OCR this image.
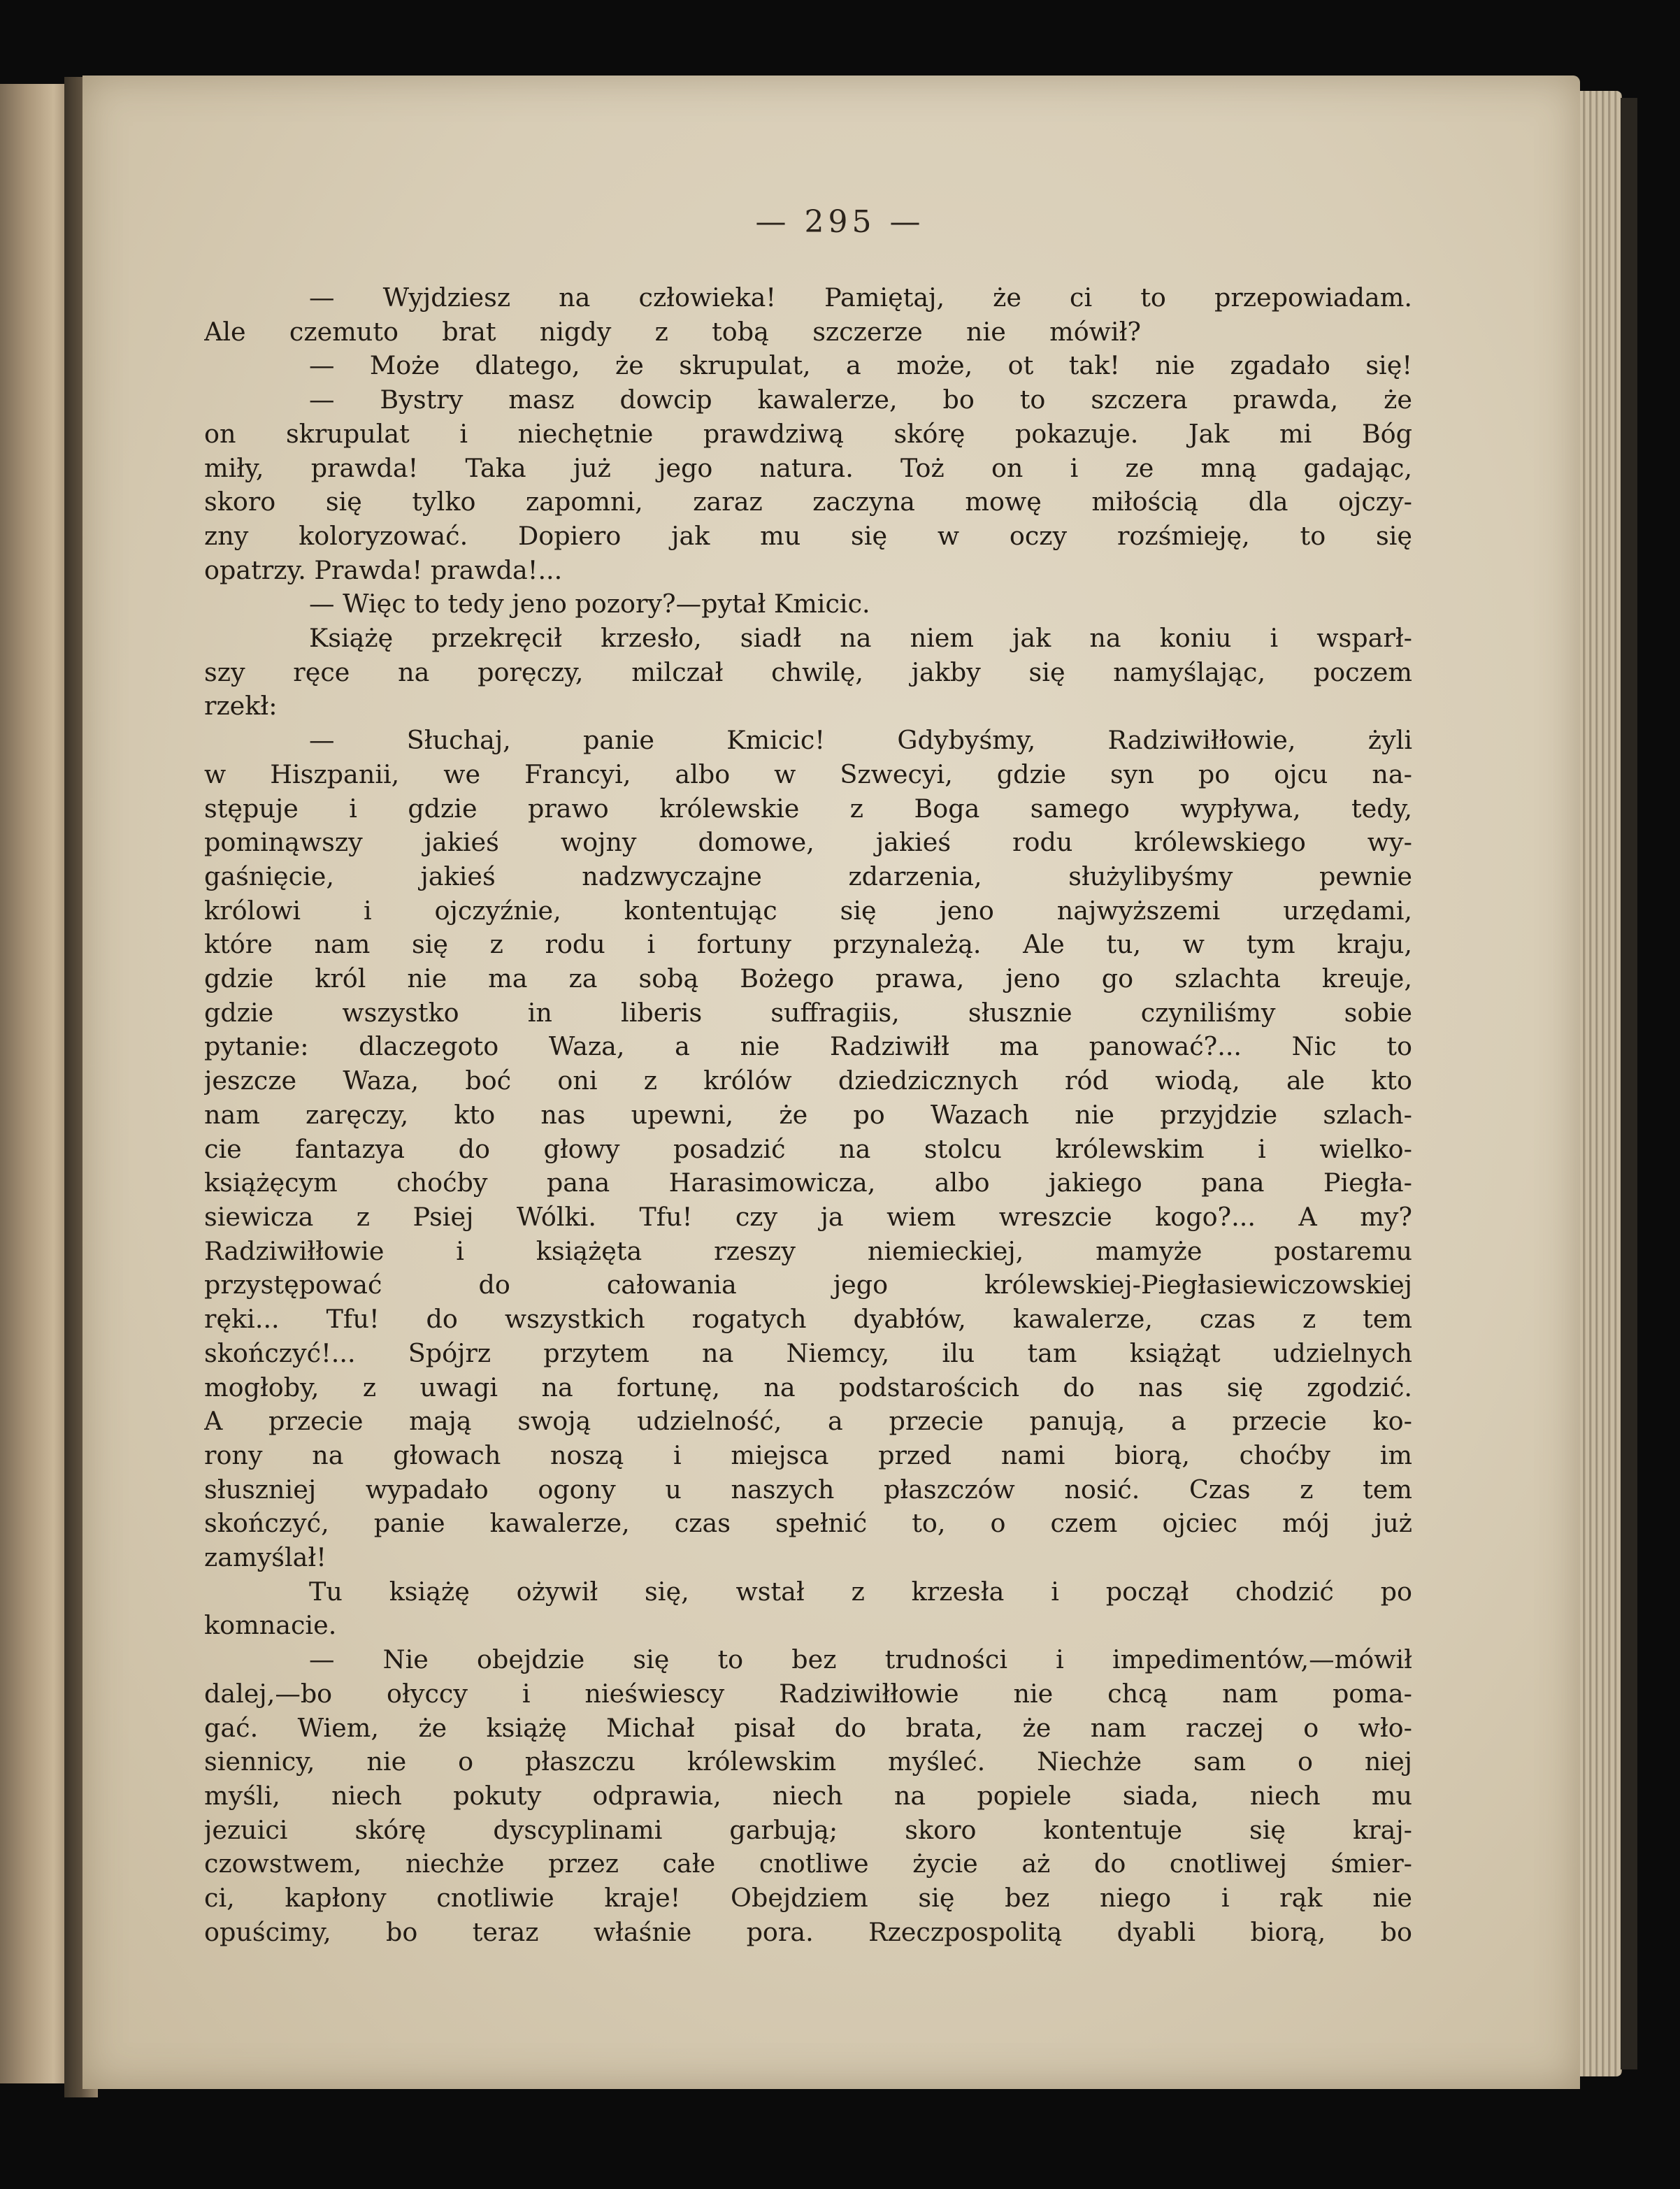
— 295 —
— Wyjdziesz na człowieka! Pamiętaj, że ci to przepowiadam.
Ale czemuto brat nigdy z tobą szczerze nie mówił?
— Może dlatego, że skrupulat, a może, ot tak! nie zgadało się!
— Bystry masz dowcip kawalerze, bo to szczera prawda, że
on skrupulat i niechętnie prawdziwą skórę pokazuje. Jak mi Bóg
miły, prawda! Taka już jego natura. Toż on i ze mną gadając,
skoro się tylko zapomni, zaraz zaczyna mowę miłością dla ojczy-
zny koloryzować. Dopiero jak mu się w oczy rozśmieję, to się
opatrzy. Prawda! prawda!...
— Więc to tedy jeno pozory?—pytał Kmicic.
Książę przekręcił krzesło, siadł na niem jak na koniu i wsparł-
szy ręce na poręczy, milczał chwilę, jakby się namyślając, poczem
rzekł:
— Słuchaj, panie Kmicic! Gdybyśmy, Radziwiłłowie, żyli
w Hiszpanii, we Francyi, albo w Szwecyi, gdzie syn po ojcu na-
stępuje i gdzie prawo królewskie z Boga samego wypływa, tedy,
pominąwszy jakieś wojny domowe, jakieś rodu królewskiego wy-
gaśnięcie, jakieś nadzwyczajne zdarzenia, służylibyśmy pewnie
królowi i ojczyźnie, kontentując się jeno najwyższemi urzędami,
które nam się z rodu i fortuny przynależą. Ale tu, w tym kraju,
gdzie król nie ma za sobą Bożego prawa, jeno go szlachta kreuje,
gdzie wszystko in liberis suffragiis, słusznie czyniliśmy sobie
pytanie: dlaczegoto Waza, a nie Radziwiłł ma panować?... Nic to
jeszcze Waza, boć oni z królów dziedzicznych ród wiodą, ale kto
nam zaręczy, kto nas upewni, że po Wazach nie przyjdzie szlach-
cie fantazya do głowy posadzić na stolcu królewskim i wielko-
książęcym choćby pana Harasimowicza, albo jakiego pana Piegła-
siewicza z Psiej Wólki. Tfu! czy ja wiem wreszcie kogo?... A my?
Radziwiłłowie i książęta rzeszy niemieckiej, mamyże postaremu
przystępować do całowania jego królewskiej-Piegłasiewiczowskiej
ręki... Tfu! do wszystkich rogatych dyabłów, kawalerze, czas z tem
skończyć!... Spójrz przytem na Niemcy, ilu tam książąt udzielnych
mogłoby, z uwagi na fortunę, na podstarościch do nas się zgodzić.
A przecie mają swoją udzielność, a przecie panują, a przecie ko-
rony na głowach noszą i miejsca przed nami biorą, choćby im
słuszniej wypadało ogony u naszych płaszczów nosić. Czas z tem
skończyć, panie kawalerze, czas spełnić to, o czem ojciec mój już
zamyślał!
Tu książę ożywił się, wstał z krzesła i począł chodzić po
komnacie.
— Nie obejdzie się to bez trudności i impedimentów,—mówił
dalej,—bo ołyccy i nieświescy Radziwiłłowie nie chcą nam poma-
gać. Wiem, że książę Michał pisał do brata, że nam raczej o wło-
siennicy, nie o płaszczu królewskim myśleć. Niechże sam o niej
myśli, niech pokuty odprawia, niech na popiele siada, niech mu
jezuici skórę dyscyplinami garbują; skoro kontentuje się kraj-
czowstwem, niechże przez całe cnotliwe życie aż do cnotliwej śmier-
ci, kapłony cnotliwie kraje! Obejdziem się bez niego i rąk nie
opuścimy, bo teraz właśnie pora. Rzeczpospolitą dyabli biorą, bo
